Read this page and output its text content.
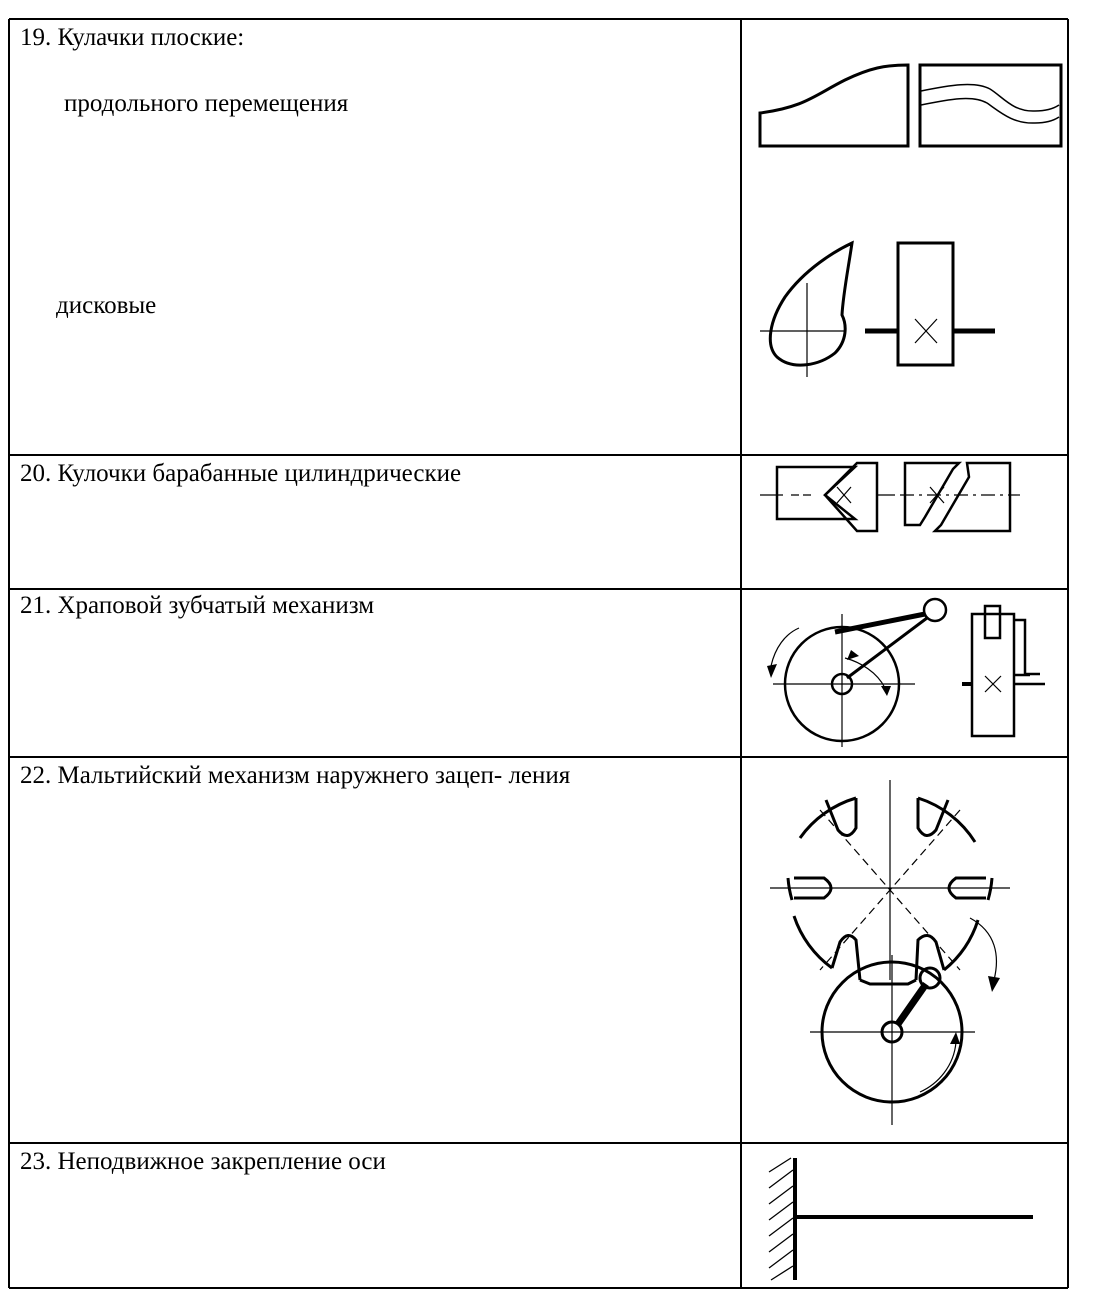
19. Кулачки плоские:
продольного перемещения
дисковые
20. Кулочки барабанные цилиндрические
21. Храповой зубчатый механизм
22. Мальтийский механизм наружнего зацеп- ления
23. Неподвижное закрепление оси
